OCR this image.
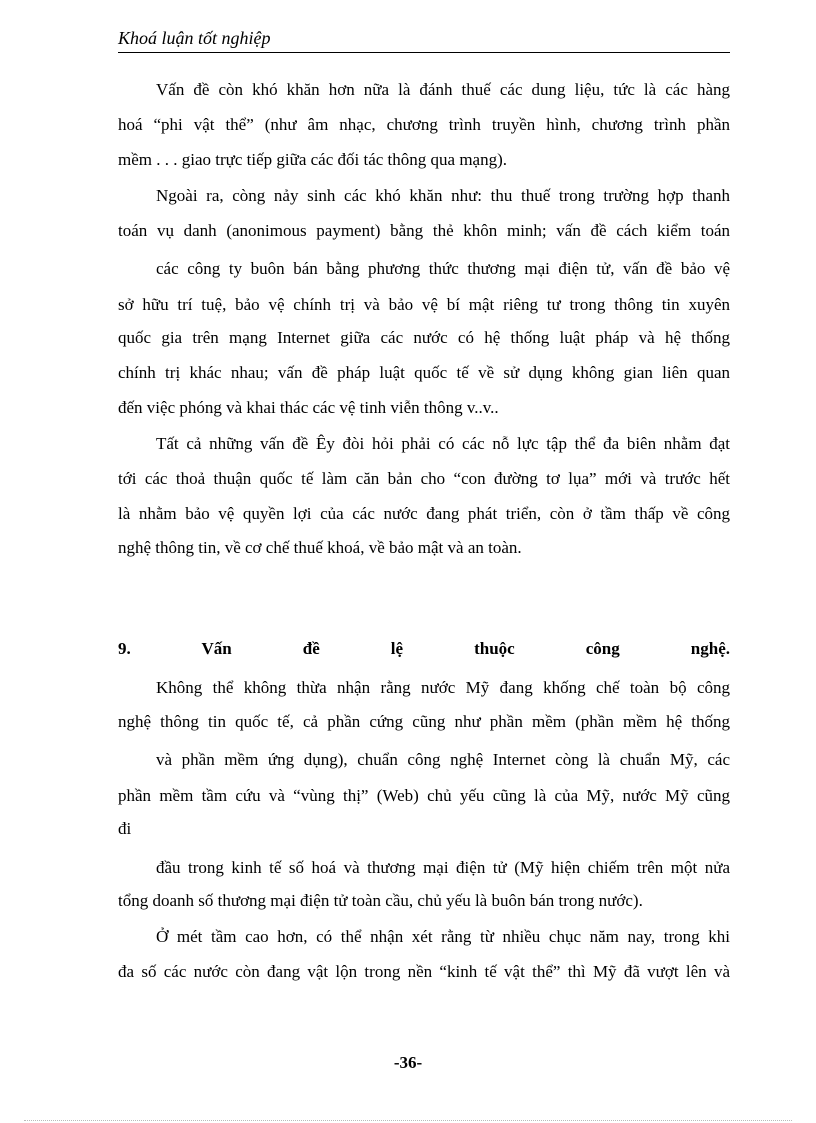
Khoá luận tốt nghiệp
Vấn đề còn khó khăn hơn nữa là đánh thuế các dung liệu, tức là các hàng
hoá “phi vật thể” (như âm nhạc, chương trình truyền hình, chương trình phần
mềm . . . giao trực tiếp giữa các đối tác thông qua mạng).
Ngoài ra, còng nảy sinh các khó khăn như: thu thuế trong trường hợp thanh
toán vụ danh (anonimous payment) bằng thẻ khôn minh; vấn đề cách kiểm toán
các công ty buôn bán bằng phương thức thương mại điện tử, vấn đề bảo vệ
sở hữu trí tuệ, bảo vệ chính trị và bảo vệ bí mật riêng tư trong thông tin xuyên
quốc gia trên mạng Internet giữa các nước có hệ thống luật pháp và hệ thống
chính trị khác nhau; vấn đề pháp luật quốc tế về sử dụng không gian liên quan
đến việc phóng và khai thác các vệ tinh viễn thông v..v..
Tất cả những vấn đề Êy đòi hỏi phải có các nỗ lực tập thể đa biên nhằm đạt
tới các thoả thuận quốc tế làm căn bản cho “con đường tơ lụa” mới và trước hết
là nhằm bảo vệ quyền lợi của các nước đang phát triển, còn ở tầm thấp về công
nghệ thông tin, về cơ chế thuế khoá, về bảo mật và an toàn.
9. Vấn đề lệ thuộc công nghệ.
Không thể không thừa nhận rằng nước Mỹ đang khống chế toàn bộ công
nghệ thông tin quốc tế, cả phần cứng cũng như phần mềm (phần mềm hệ thống
và phần mềm ứng dụng), chuẩn công nghệ Internet còng là chuẩn Mỹ, các
phần mềm tầm cứu và “vùng thị” (Web) chủ yếu cũng là của Mỹ, nước Mỹ cũng
đi
đầu trong kinh tế số hoá và thương mại điện tử (Mỹ hiện chiếm trên một nửa
tổng doanh số thương mại điện tử toàn cầu, chủ yếu là buôn bán trong nước).
Ở mét tầm cao hơn, có thể nhận xét rằng từ nhiều chục năm nay, trong khi
đa số các nước còn đang vật lộn trong nền “kinh tế vật thể” thì Mỹ đã vượt lên và
-36-
